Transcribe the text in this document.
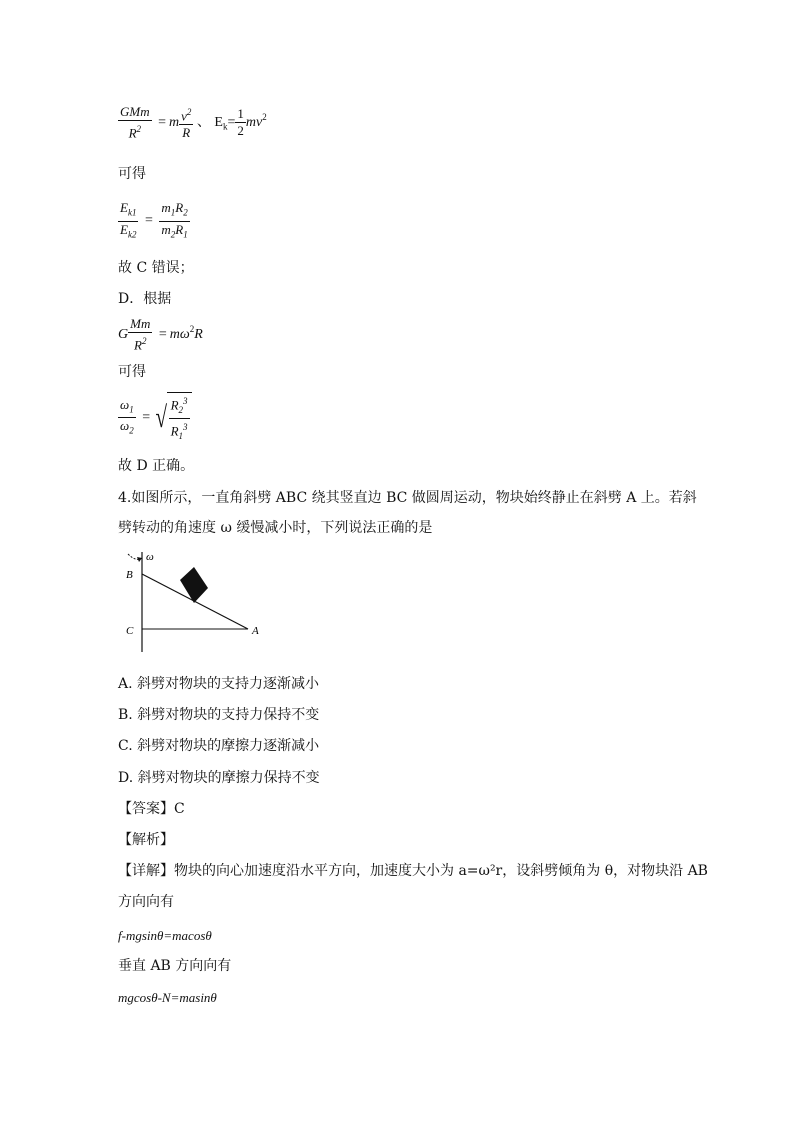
$\frac{\text{GMm}}{R^2} = m \frac{v^2}{R}$ 、 $E_k= \frac{1}{2} mv^2$
可得
$\frac{E_{k1}}{E_{k2}} = \frac{m_1R_2}{m_2R_1}$
故 C 错误；
D．根据
G $\frac{Mm}{R^2} = m\omega^2R$
可得
$\frac{\omega_1}{\omega_2}$ = √ $\frac{R_2^3}{R_1^3}$
故 D 正确。
4.如图所示，一直角斜劈 ABC 绕其竖直边 BC 做圆周运动，物块始终静止在斜劈 A 上。若斜
劈转动的角速度 ω 缓慢减小时，下列说法正确的是
ω
B
C	A
A. 斜劈对物块的支持力逐渐减小
B. 斜劈对物块的支持力保持不变
C. 斜劈对物块的摩擦力逐渐减小
D. 斜劈对物块的摩擦力保持不变
【答案】C
【解析】
【详解】物块的向心加速度沿水平方向，加速度大小为 a=ω²r，设斜劈倾角为 θ，对物块沿 AB
方向向有
f-mgsinθ=macosθ
垂直 AB 方向向有
mgcosθ-N=masinθ
